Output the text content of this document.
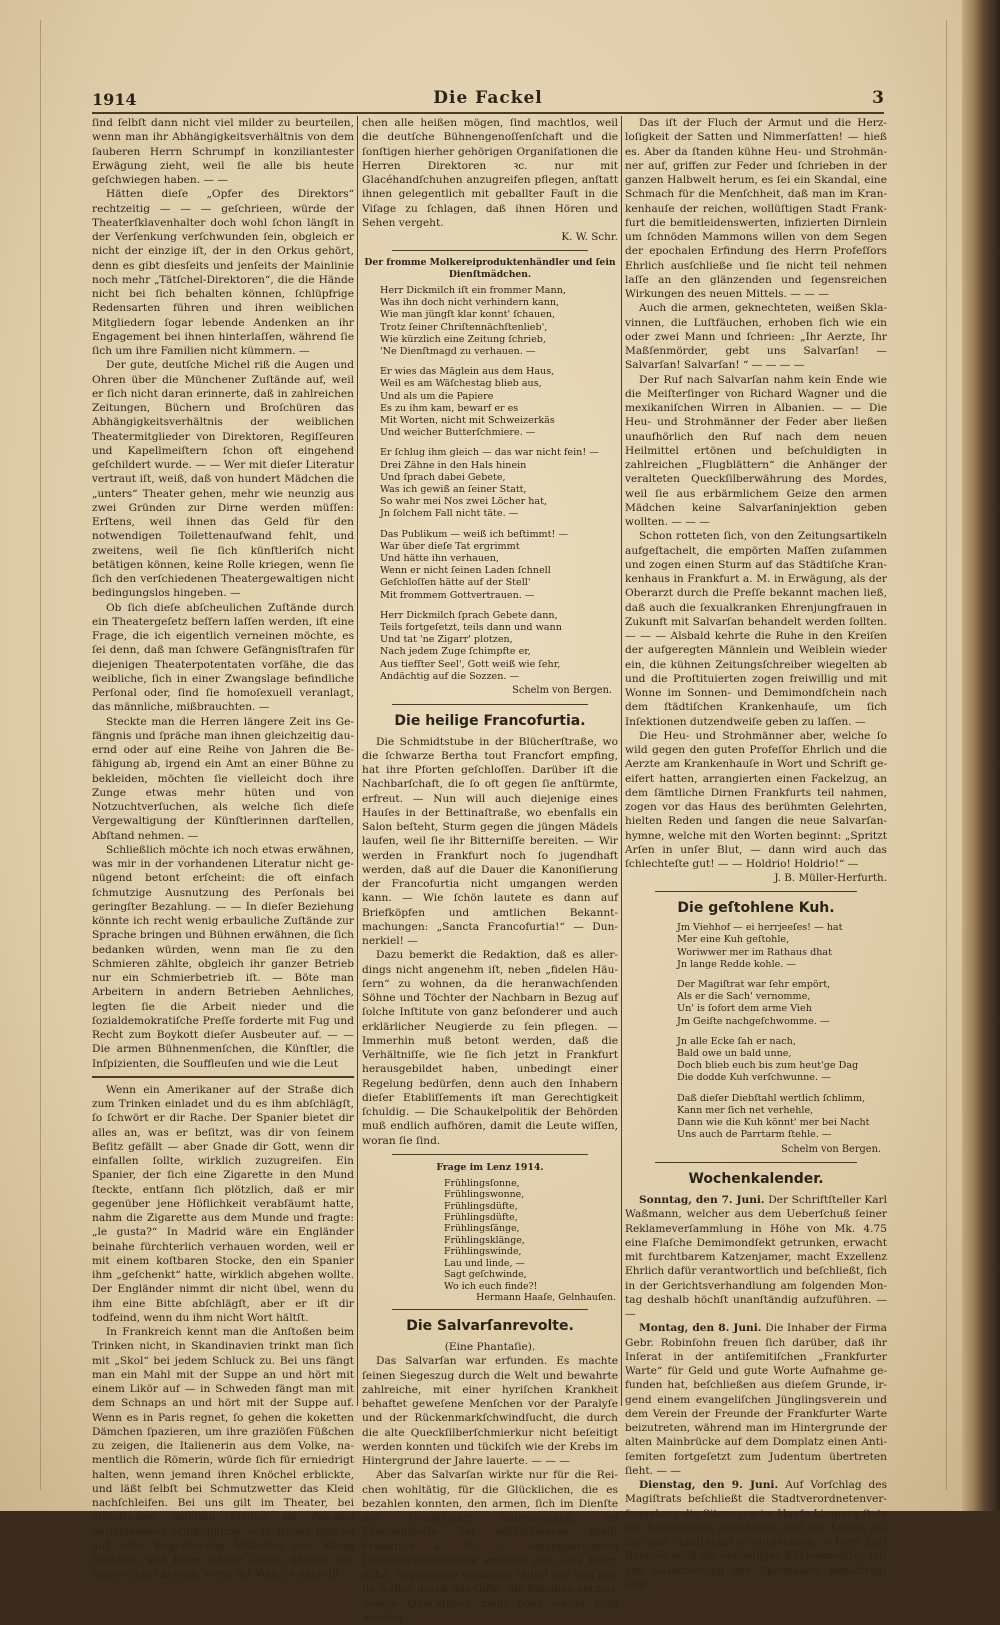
1914	Die Fackel	3

ſind ſelbſt dann nicht viel milder zu beurteilen, wenn man ihr Abhängigkeitsverhältnis von dem ſauberen Herrn Schrumpf in konziliantester Erwägung zieht, weil ſie alle bis heute geſchwiegen haben. — —

Hätten dieſe „Opfer des Direktors“ rechtzeitig — — — geſchrieen, würde der Theaterſklavenhalter doch wohl ſchon längſt in der Verſenkung verſchwunden ſein, obgleich er nicht der einzige iſt, der in den Orkus gehört, denn es gibt diesſeits und jenſeits der Mainlinie noch mehr „Tätſchel-Direktoren“, die die Hände nicht bei ſich behalten können, ſchlüpfrige Redensarten führen und ihren weiblichen Mitgliedern ſogar lebende Andenken an ihr Engagement bei ihnen hinterlaſſen, während ſie ſich um ihre Familien nicht kümmern. —

Der gute, deutſche Michel riß die Augen und Ohren über die Münchener Zuſtände auf, weil er ſich nicht daran erinnerte, daß in zahlreichen Zeitungen, Büchern und Broſchüren das Abhängigkeitsverhältnis der weiblichen Theatermitglieder von Direktoren, Regiſſeuren und Kapellmeiſtern ſchon oft eingehend geſchildert wurde. — — Wer mit dieſer Literatur vertraut iſt, weiß, daß von hundert Mädchen die „unters“ Theater gehen, mehr wie neunzig aus zwei Gründen zur Dirne werden müſſen: Erſtens, weil ihnen das Geld für den notwendigen Toilettenaufwand fehlt, und zweitens, weil ſie ſich künſtleriſch nicht betätigen können, keine Rolle kriegen, wenn ſie ſich den verſchiedenen Theatergewaltigen nicht bedingungslos hingeben. —

Ob ſich dieſe abſcheulichen Zuſtände durch ein Theatergeſetz beſſern laſſen werden, iſt eine Frage, die ich eigentlich verneinen möchte, es ſei denn, daß man ſchwere Gefängnisſtrafen für diejenigen Theaterpotentaten vorſähe, die das weibliche, ſich in einer Zwangslage befindliche Perſonal oder, ſind ſie homoſexuell veranlagt, das männliche, mißbrauchten. —

Steckte man die Herren längere Zeit ins Gefängnis und ſpräche man ihnen gleichzeitig dauernd oder auf eine Reihe von Jahren die Befähigung ab, irgend ein Amt an einer Bühne zu bekleiden, möchten ſie vielleicht doch ihre Zunge etwas mehr hüten und von Notzuchtverſuchen, als welche ſich dieſe Vergewaltigung der Künſtlerinnen darſtellen, Abſtand nehmen. —

Schließlich möchte ich noch etwas erwähnen, was mir in der vorhandenen Literatur nicht genügend betont erſcheint: die oft einfach ſchmutzige Ausnutzung des Perſonals bei geringſter Bezahlung. — — In dieſer Beziehung könnte ich recht wenig erbauliche Zuſtände zur Sprache bringen und Bühnen erwähnen, die ſich bedanken würden, wenn man ſie zu den Schmieren zählte, obgleich ihr ganzer Betrieb nur ein Schmierbetrieb iſt. — Böte man Arbeitern in andern Betrieben Aehnliches, legten ſie die Arbeit nieder und die ſozialdemokratiſche Preſſe forderte mit Fug und Recht zum Boykott dieſer Ausbeuter auf. — — Die armen Bühnenmenſchen, die Künſtler, die Inſpizienten, die Souffleuſen und wie die Leut

Wenn ein Amerikaner auf der Straße dich zum Trinken einladet und du es ihm abſchlägſt, ſo ſchwört er dir Rache. Der Spanier bietet dir alles an, was er beſitzt, was dir von ſeinem Beſitz gefällt — aber Gnade dir Gott, wenn dir einfallen ſollte, wirklich zuzugreifen. Ein Spanier, der ſich eine Zigarette in den Mund ſteckte, entſann ſich plötzlich, daß er mir gegenüber jene Höflichkeit verabſäumt hatte, nahm die Zigarette aus dem Munde und fragte: „le gusta?“ In Madrid wäre ein Engländer beinahe fürchterlich verhauen worden, weil er mit einem koſtbaren Stocke, den ein Spanier ihm „geſchenkt“ hatte, wirklich abgehen wollte. Der Engländer nimmt dir nicht übel, wenn du ihm eine Bitte abſchlägſt, aber er iſt dir todfeind, wenn du ihm nicht Wort hältſt.

In Frankreich kennt man die Anſtoßen beim Trinken nicht, in Skandinavien trinkt man ſich mit „Skol“ bei jedem Schluck zu. Bei uns fängt man ein Mahl mit der Suppe an und hört mit einem Likör auf — in Schweden fängt man mit dem Schnaps an und hört mit der Suppe auf. Wenn es in Paris regnet, ſo gehen die koketten Dämchen ſpazieren, um ihre graziöſen Füßchen zu zeigen, die Italienerin aus dem Volke, namentlich die Römerin, würde ſich für erniedrigt halten, wenn jemand ihren Knöchel erblickte, und läßt ſelbſt bei Schmutzwetter das Kleid nachſchleifen. Bei uns gilt im Theater, bei öffentlichen Anläſſen Pfeifen als Zeichen entſchiedener Mißbilligung — in Italien läßt es auf hohe Begeiſterung ſchließen und König Umberto und ſeine ſchöne Gattin danken mit huldvollem Lächeln, wenn ihr Volk ſie anpfeift.

chen alle heißen mögen, ſind machtlos, weil die deutſche Bühnengenoſſenſchaft und die ſonſtigen hierher gehörigen Organiſationen die Herren Direktoren ꝛc. nur mit Glacéhandſchuhen anzugreifen pflegen, anſtatt ihnen gelegentlich mit geballter Fauſt in die Viſage zu ſchlagen, daß ihnen Hören und Sehen vergeht.

K. W. Schr.
Der fromme Molkereiproduktenhändler und ſein Dienſtmädchen.
Herr Dickmilch iſt ein frommer Mann,
Was ihn doch nicht verhindern kann,
Wie man jüngſt klar konnt' ſchauen,
Trotz ſeiner Chriſtennächſtenlieb',
Wie kürzlich eine Zeitung ſchrieb,
'Ne Dienſtmagd zu verhauen. —
Er wies das Mäglein aus dem Haus,
Weil es am Wäſchestag blieb aus,
Und als um die Papiere
Es zu ihm kam, bewarf er es
Mit Worten, nicht mit Schweizerkäs
Und weicher Butterſchmiere. —
Er ſchlug ihm gleich — das war nicht fein! —
Drei Zähne in den Hals hinein
Und ſprach dabei Gebete,
Was ich gewiß an ſeiner Statt,
So wahr mei Nos zwei Löcher hat,
Jn ſolchem Fall nicht täte. —
Das Publikum — weiß ich beſtimmt! —
War über dieſe Tat ergrimmt
Und hätte ihn verhauen,
Wenn er nicht ſeinen Laden ſchnell
Geſchloſſen hätte auf der Stell'
Mit frommem Gottvertrauen. —
Herr Dickmilch ſprach Gebete dann,
Teils fortgeſetzt, teils dann und wann
Und tat 'ne Zigarr' plotzen,
Nach jedem Zuge ſchimpfte er,
Aus tiefſter Seel', Gott weiß wie ſehr,
Andächtig auf die Sozzen. —
Schelm von Bergen.
Die heilige Francofurtia.

Die Schmidtstube in der Blücherſtraße, wo die ſchwarze Bertha tout Francfort empfing, hat ihre Pforten geſchloſſen. Darüber iſt die Nachbarſchaft, die ſo oft gegen ſie anſtürmte, erfreut. — Nun will auch diejenige eines Hauſes in der Bettinaſtraße, wo ebenfalls ein Salon beſteht, Sturm gegen die jüngen Mädels laufen, weil ſie ihr Bitterniſſe bereiten. — Wir werden in Frankfurt noch ſo jugendhaft werden, daß auf die Dauer die Kanoniſierung der Francofurtia nicht umgangen werden kann. — Wie ſchön lautete es dann auf Briefköpfen und amtlichen Bekanntmachungen: „Sancta Francofurtia!“ — Dunnerkiel! —

Dazu bemerkt die Redaktion, daß es allerdings nicht angenehm iſt, neben „fidelen Häuſern“ zu wohnen, da die heranwachſenden Söhne und Töchter der Nachbarn in Bezug auf ſolche Inſtitute von ganz beſonderer und auch erklärlicher Neugierde zu ſein pflegen. — Immerhin muß betont werden, daß die Verhältniſſe, wie ſie ſich jetzt in Frankfurt herausgebildet haben, unbedingt einer Regelung bedürfen, denn auch den Inhabern dieſer Etabliſſements iſt man Gerechtigkeit ſchuldig. — Die Schaukelpolitik der Behörden muß endlich aufhören, damit die Leute wiſſen, woran ſie ſind.

Frage im Lenz 1914.
Frühlingsſonne,
Frühlingswonne,
Frühlingsdüfte,
Frühlingsdüfte,
Frühlingsſänge,
Frühlingsklänge,
Frühlingswinde,
Lau und linde, —
Sagt geſchwinde,
Wo ich euch finde?!
Hermann Haaſe, Gelnhauſen.
Die Salvarſanrevolte.
(Eine Phantaſie).

Das Salvarſan war erfunden. Es machte ſeinen Siegeszug durch die Welt und bewahrte zahlreiche, mit einer hyriſchen Krankheit behaftet geweſene Menſchen vor der Paralyſe und der Rückenmarkſchwindſucht, die durch die alte Queckſilberſchmierkur nicht beſeitigt werden konnten und tückiſch wie der Krebs im Hintergrund der Jahre lauerte. — — —

Aber das Salvarſan wirkte nur für die Reichen wohltätig, für die Glücklichen, die es bezahlen konnten, den armen, ſich im Dienſte der Geſellſchaft aufreibenden, im Krankenhauſe der goldſchweren Stadt Frankfurt a. M. — untergebrachten Liebesdienſtmädchen enthielt man das Herrliche, ſo glänzend wirkende Mittel vor und ließ ſie weiter durch das Gifte, die Knochen zermalmende Queckſilber mehr oder wenig ſelig werden.

Das iſt der Fluch der Armut und die Herzloſigkeit der Satten und Nimmerſatten! — hieß es. Aber da ſtanden kühne Heu- und Strohmänner auf, griffen zur Feder und ſchrieben in der ganzen Halbwelt herum, es ſei ein Skandal, eine Schmach für die Menſchheit, daß man im Krankenhauſe der reichen, wollüſtigen Stadt Frankfurt die bemitleidenswerten, infizierten Dirnlein um ſchnöden Mammons willen von dem Segen der epochalen Erfindung des Herrn Profeſſors Ehrlich ausſchließe und ſie nicht teil nehmen laſſe an den glänzenden und ſegensreichen Wirkungen des neuen Mittels. — — —

Auch die armen, geknechteten, weißen Sklavinnen, die Luſtfäuchen, erhoben ſich wie ein oder zwei Mann und ſchrieen: „Ihr Aerzte, Ihr Maßſenmörder, gebt uns Salvarſan! — Salvarſan! Salvarſan! “ — — — —

Der Ruf nach Salvarſan nahm kein Ende wie die Meiſterſinger von Richard Wagner und die mexikaniſchen Wirren in Albanien. — — Die Heu- und Strohmänner der Feder aber ließen unaufhörlich den Ruf nach dem neuen Heilmittel ertönen und beſchuldigten in zahlreichen „Flugblättern“ die Anhänger der veralteten Queckſilberwährung des Mordes, weil ſie aus erbärmlichem Geize den armen Mädchen keine Salvarſaninjektion geben wollten. — — —

Schon rotteten ſich, von den Zeitungsartikeln aufgeſtachelt, die empörten Maſſen zuſammen und zogen einen Sturm auf das Städtiſche Krankenhaus in Frankfurt a. M. in Erwägung, als der Oberarzt durch die Preſſe bekannt machen ließ, daß auch die ſexualkranken Ehrenjungfrauen in Zukunft mit Salvarſan behandelt werden ſollten. — — — Alsbald kehrte die Ruhe in den Kreiſen der aufgeregten Männlein und Weiblein wieder ein, die kühnen Zeitungsſchreiber wiegelten ab und die Proſtituierten zogen freiwillig und mit Wonne im Sonnen- und Demimondſchein nach dem ſtädtiſchen Krankenhauſe, um ſich Inſektionen dutzendweiſe geben zu laſſen. —

Die Heu- und Strohmänner aber, welche ſo wild gegen den guten Profeſſor Ehrlich und die Aerzte am Krankenhauſe in Wort und Schrift geeifert hatten, arrangierten einen Fackelzug, an dem ſämtliche Dirnen Frankfurts teil nahmen, zogen vor das Haus des berühmten Gelehrten, hielten Reden und ſangen die neue Salvarſanhymne, welche mit den Worten beginnt: „Spritzt Arſen in unſer Blut, — dann wird auch das ſchlechteſte gut! — — Holdrio! Holdrio!“ —

J. B. Müller-Herfurth.
Die geſtohlene Kuh.
Jm Viehhof — ei herrjeeſes! — hat
Mer eine Kuh geſtohle,
Woriwwer mer im Rathaus dhat
Jn lange Redde kohle. —
Der Magiſtrat war ſehr empört,
Als er die Sach' vernomme,
Un' is ſofort dem arme Vieh
Jm Geiſte nachgeſchwomme. —
Jn alle Ecke ſah er nach,
Bald owe un bald unne,
Doch blieb euch bis zum heut'ge Dag
Die dodde Kuh verſchwunne. —
Daß dieſer Diebſtahl wertlich ſchlimm,
Kann mer ſich net verhehle,
Dann wie die Kuh könnt' mer bei Nacht
Uns auch de Parrtarm ſtehle. —
Schelm von Bergen.
Wochenkalender.

Sonntag, den 7. Juni. Der Schriftſteller Karl Waßmann, welcher aus dem Ueberſchuß ſeiner Reklameverſammlung in Höhe von Mk. 4.75 eine Flaſche Demimondſekt getrunken, erwacht mit furchtbarem Katzenjamer, macht Exzellenz Ehrlich dafür verantwortlich und beſchließt, ſich in der Gerichtsverhandlung am folgenden Montag deshalb höchſt unanſtändig aufzuführen. — —

Montag, den 8. Juni. Die Inhaber der Firma Gebr. Robinſohn freuen ſich darüber, daß ihr Inſerat in der antiſemitiſchen „Frankfurter Warte“ für Geld und gute Worte Aufnahme gefunden hat, beſchließen aus dieſem Grunde, irgend einem evangeliſchen Jünglingsverein und dem Verein der Freunde der Frankfurter Warte beizutreten, während man im Hintergrunde der alten Mainbrücke auf dem Domplatz einen Antiſemiten fortgeſetzt zum Judentum übertreten ſieht. — —

Dienstag, den 9. Juni. Auf Vorſchlag des Magiſtrats beſchließt die Stadtverordnetenverſammlung die Sitzungen im Hauſe Limpurg ſtets bei Reſtauration abzuhalten und die Koſten dafür dem Stadtſäckel zu entnehmen. — Herr Karl Bueroſe wird als ehemaliger Küchenmeiſter mit der Ausarbeitung der Speiſekarte beauftragt und
